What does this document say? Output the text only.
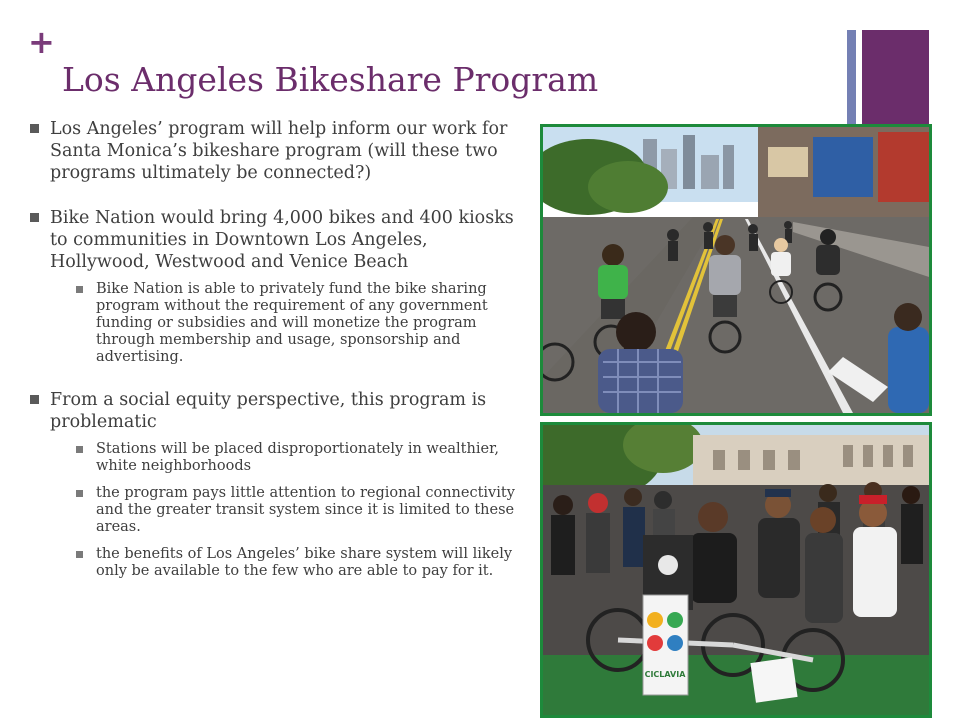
+
Los Angeles Bikeshare Program
Los Angeles’ program will help inform our work for Santa Monica’s bikeshare program (will these two programs ultimately be connected?)
Bike Nation would bring 4,000 bikes and 400 kiosks to communities in Downtown Los Angeles, Hollywood, Westwood and Venice Beach
Bike Nation is able to privately fund the bike sharing program without the requirement of any government funding or subsidies and will monetize the program through membership and usage, sponsorship and advertising.
From a social equity perspective, this program is problematic
Stations will be placed disproportionately in wealthier, white neighborhoods
the program pays little attention to regional connectivity and the greater transit system since it is limited to these areas.
the benefits of Los Angeles’ bike share system will likely only be available to the few who are able to pay for it.
CICLAVIA
